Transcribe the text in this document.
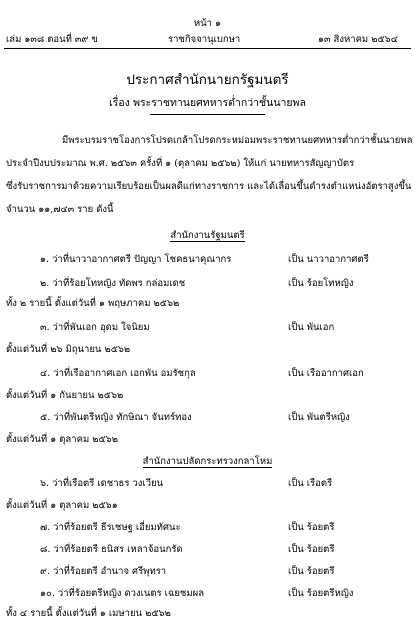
หน้า ๑
เล่ม ๑๓๘ ตอนที่ ๓๙ ข	ราชกิจจานุเบกษา	๑๓ สิงหาคม ๒๕๖๔
ประกาศสำนักนายกรัฐมนตรี
เรื่อง พระราชทานยศทหารต่ำกว่าชั้นนายพล
มีพระบรมราชโองการโปรดเกล้าโปรดกระหม่อมพระราชทานยศทหารต่ำกว่าชั้นนายพล
ประจำปีงบประมาณ พ.ศ. ๒๕๖๓ ครั้งที่ ๑ (ตุลาคม ๒๕๖๒) ให้แก่ นายทหารสัญญาบัตร
ซึ่งรับราชการมาด้วยความเรียบร้อยเป็นผลดีแก่ทางราชการ และได้เลื่อนขึ้นดำรงตำแหน่งอัตราสูงขึ้น
จำนวน ๑๑,๗๔๓ ราย ดังนี้
สำนักงานรัฐมนตรี
๑. ว่าที่นาวาอากาศตรี ปัญญา โชคธนาคุณากร	เป็น นาวาอากาศตรี
๒. ว่าที่ร้อยโทหญิง ทัดพร กล่อมเดช	เป็น ร้อยโทหญิง
ทั้ง ๒ รายนี้ ตั้งแต่วันที่ ๑ พฤษภาคม ๒๕๖๒
๓. ว่าที่พันเอก อุดม ใจนิยม	เป็น พันเอก
ตั้งแต่วันที่ ๒๖ มิถุนายน ๒๕๖๒
๔. ว่าที่เรืออากาศเอก เอกพัน อมรัชกุล	เป็น เรืออากาศเอก
ตั้งแต่วันที่ ๑ กันยายน ๒๕๖๒
๕. ว่าที่พันตรีหญิง ทักษิณา จันทร์ทอง	เป็น พันตรีหญิง
ตั้งแต่วันที่ ๑ ตุลาคม ๒๕๖๒
สำนักงานปลัดกระทรวงกลาโหม
๖. ว่าที่เรือตรี เดชาธร วงเวียน	เป็น เรือตรี
ตั้งแต่วันที่ ๑ ตุลาคม ๒๕๖๑
๗. ว่าที่ร้อยตรี ธีรเชษฐ เอี่ยมทัศนะ	เป็น ร้อยตรี
๘. ว่าที่ร้อยตรี ธนิสร เหลาจ้อนกรัด	เป็น ร้อยตรี
๙. ว่าที่ร้อยตรี อำนาจ ศรีพุทรา	เป็น ร้อยตรี
๑๐. ว่าที่ร้อยตรีหญิง ดวงเนตร เฉยชมผล	เป็น ร้อยตรีหญิง
ทั้ง ๔ รายนี้ ตั้งแต่วันที่ ๑ เมษายน ๒๕๖๒
